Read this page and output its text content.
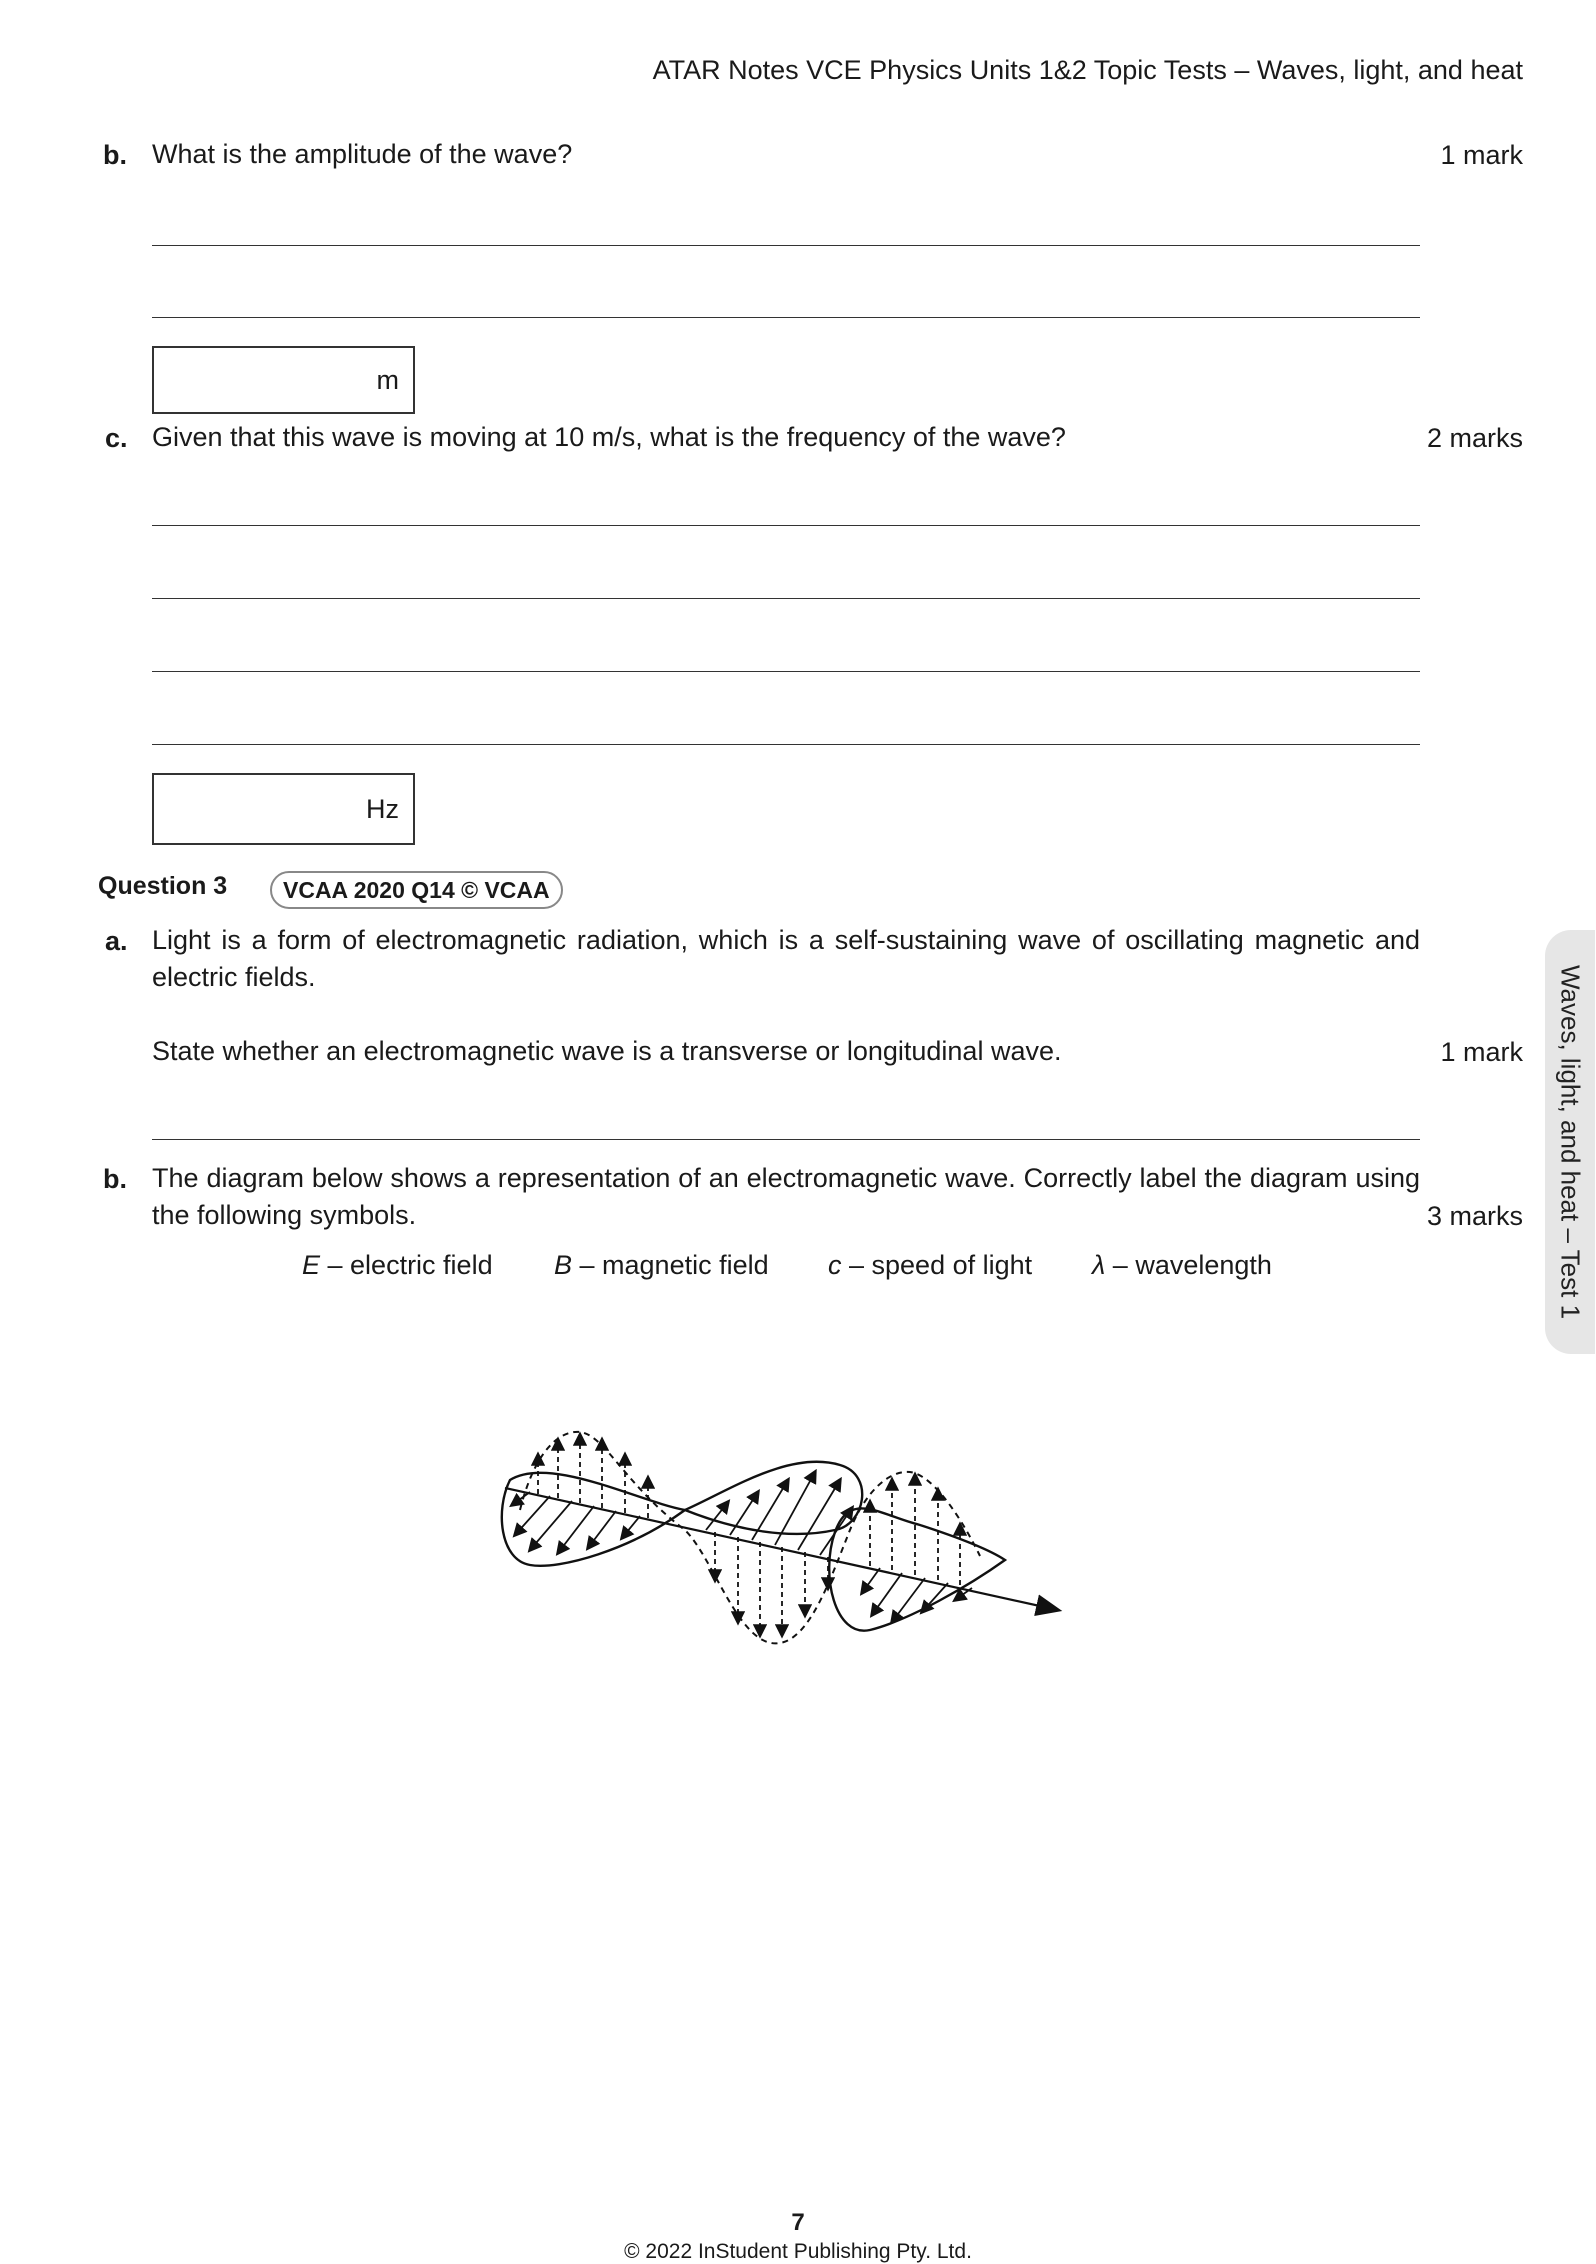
ATAR Notes VCE Physics Units 1&2 Topic Tests – Waves, light, and heat
b. What is the amplitude of the wave?	1 mark
m
c. Given that this wave is moving at 10 m/s, what is the frequency of the wave?	2 marks
Hz
Question 3	VCAA 2020 Q14 © VCAA
a. Light is a form of electromagnetic radiation, which is a self-sustaining wave of oscillating magnetic and electric fields.
State whether an electromagnetic wave is a transverse or longitudinal wave.	1 mark
b. The diagram below shows a representation of an electromagnetic wave. Correctly label the diagram using the following symbols.	3 marks
E – electric field B – magnetic field c – speed of light λ – wavelength	Waves, light, and heat – Test 1
7
© 2022 InStudent Publishing Pty. Ltd.
